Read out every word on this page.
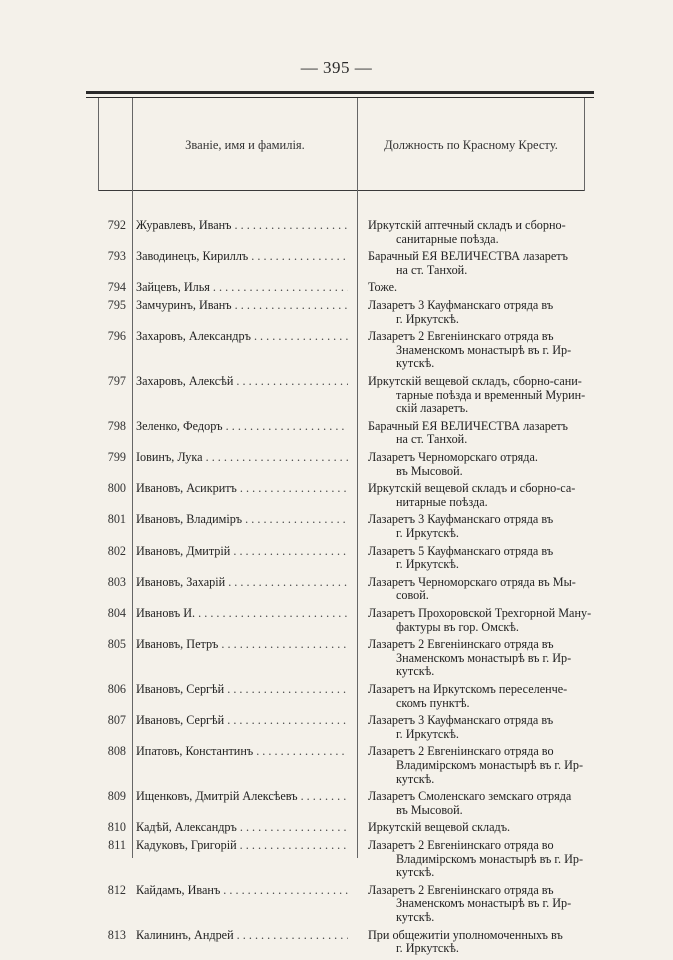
— 395 —
Званіе, имя и фамилія.	Должность по Красному Кресту.
792 Журавлевъ, Иванъ . . .	Иркутскій аптечный складъ и сборно-
санитарные поѣзда.
793 Заводинецъ, Кириллъ . . .	Барачный ЕЯ ВЕЛИЧЕСТВА лазаретъ
на ст. Танхой.
794 Зайцевъ, Илья . . .	Тоже.
795 Замчуринъ, Иванъ . . .	Лазаретъ 3 Кауфманскаго отряда въ
г. Иркутскѣ.
796 Захаровъ, Александръ . . .	Лазаретъ 2 Евгеніинскаго отряда въ
Знаменскомъ монастырѣ въ г. Ир-
кутскѣ.
797 Захаровъ, Алексѣй . . .	Иркутскій вещевой складъ, сборно-сани-
тарные поѣзда и временный Мурин-
скій лазаретъ.
798 Зеленко, Федоръ . . .	Барачный ЕЯ ВЕЛИЧЕСТВА лазаретъ
на ст. Танхой.
799 Іовинъ, Лука . . .	Лазаретъ Черноморскаго отряда.
въ Мысовой.
800 Ивановъ, Асикритъ . . .	Иркутскій вещевой складъ и сборно-са-
нитарные поѣзда.
801 Ивановъ, Владиміръ . . .	Лазаретъ 3 Кауфманскаго отряда въ
г. Иркутскѣ.
802 Ивановъ, Дмитрій . . .	Лазаретъ 5 Кауфманскаго отряда въ
г. Иркутскѣ.
803 Ивановъ, Захарій . . .	Лазаретъ Черноморскаго отряда въ Мы-
совой.
804 Ивановъ И. . . .	Лазаретъ Прохоровской Трехгорной Ману-
фактуры въ гор. Омскѣ.
805 Ивановъ, Петръ . . .	Лазаретъ 2 Евгеніинскаго отряда въ
Знаменскомъ монастырѣ въ г. Ир-
кутскѣ.
806 Ивановъ, Сергѣй . . .	Лазаретъ на Иркутскомъ переселенче-
скомъ пунктѣ.
807 Ивановъ, Сергѣй . . .	Лазаретъ 3 Кауфманскаго отряда въ
г. Иркутскѣ.
808 Ипатовъ, Константинъ . . .	Лазаретъ 2 Евгеніинскаго отряда во
Владимірскомъ монастырѣ въ г. Ир-
кутскѣ.
809 Ищенковъ, Дмитрій Алексѣевъ . . .	Лазаретъ Смоленскаго земскаго отряда
въ Мысовой.
810 Кадѣй, Александръ . . .	Иркутскій вещевой складъ.
811 Кадуковъ, Григорій . . .	Лазаретъ 2 Евгеніинскаго отряда во
Владимірскомъ монастырѣ въ г. Ир-
кутскѣ.
812 Кайдамъ, Иванъ . . .	Лазаретъ 2 Евгеніинскаго отряда въ
Знаменскомъ монастырѣ въ г. Ир-
кутскѣ.
813 Калининъ, Андрей . . .	При общежитіи уполномоченныхъ въ
г. Иркутскѣ.
